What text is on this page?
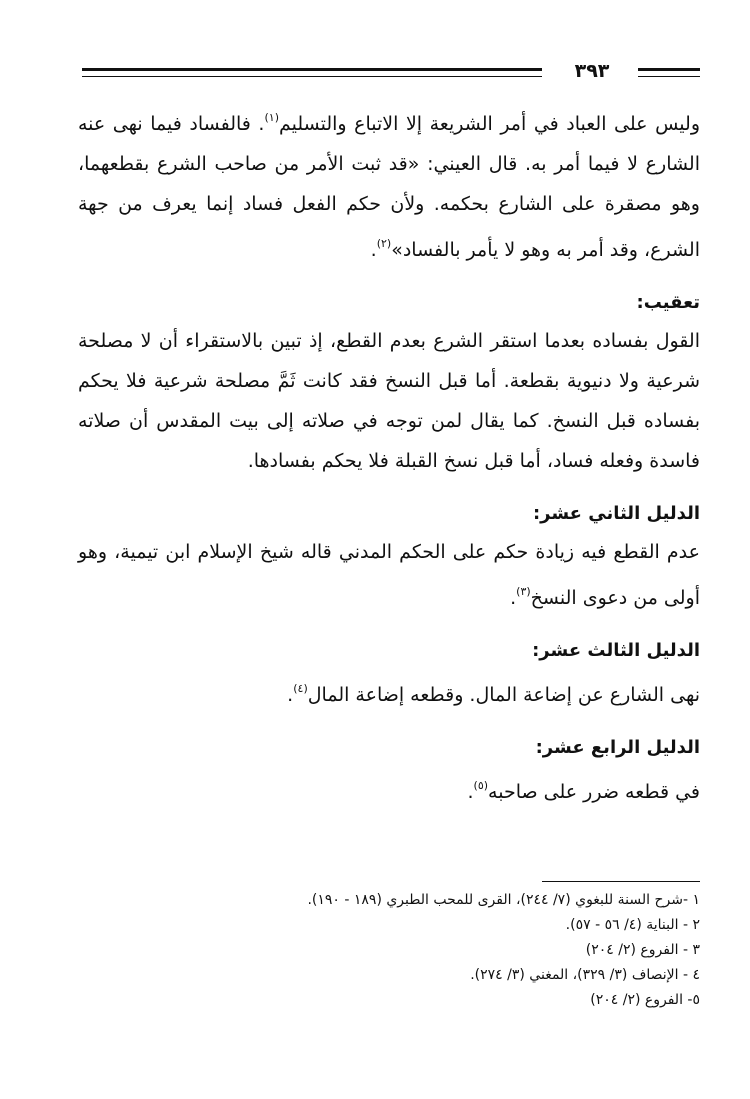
٣٩٣

وليس على العباد في أمر الشريعة إلا الاتباع والتسليم$^{(١)}$. فالفساد فيما نهى عنه الشارع لا فيما أمر به. قال العيني: «قد ثبت الأمر من صاحب الشرع بقطعهما، وهو مصقرة على الشارع بحكمه. ولأن حكم الفعل فساد إنما يعرف من جهة الشرع، وقد أمر به وهو لا يأمر بالفساد»$^{(٢)}$.

تعقيب:

القول بفساده بعدما استقر الشرع بعدم القطع، إذ تبين بالاستقراء أن لا مصلحة شرعية ولا دنيوية بقطعة. أما قبل النسخ فقد كانت ثَمَّ مصلحة شرعية فلا يحكم بفساده قبل النسخ. كما يقال لمن توجه في صلاته إلى بيت المقدس أن صلاته فاسدة وفعله فساد، أما قبل نسخ القبلة فلا يحكم بفسادها.

الدليل الثاني عشر:

عدم القطع فيه زيادة حكم على الحكم المدني قاله شيخ الإسلام ابن تيمية، وهو أولى من دعوى النسخ$^{(٣)}$.

الدليل الثالث عشر:

نهى الشارع عن إضاعة المال. وقطعه إضاعة المال$^{(٤)}$.

الدليل الرابع عشر:

في قطعه ضرر على صاحبه$^{(٥)}$.

١ -شرح السنة للبغوي (٧/ ٢٤٤)، القرى للمحب الطبري (١٨٩ - ١٩٠).

٢ - البناية (٤/ ٥٦ - ٥٧).

٣ - الفروع (٢/ ٢٠٤)

٤ - الإنصاف (٣/ ٣٢٩)، المغني (٣/ ٢٧٤).

٥- الفروع (٢/ ٢٠٤)
